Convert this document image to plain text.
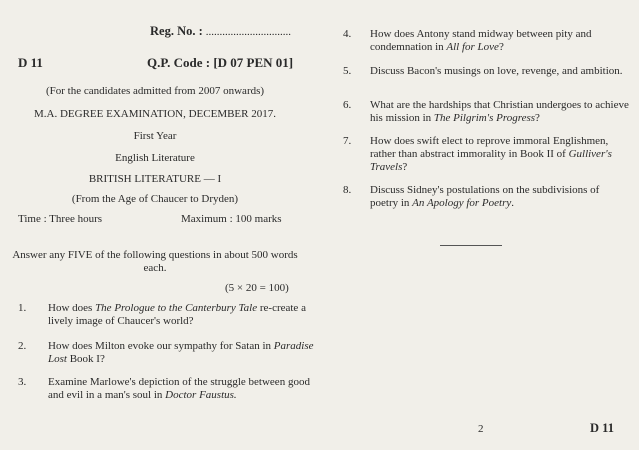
Reg. No. : ...............................
D 11	Q.P. Code : [D 07 PEN 01]
(For the candidates admitted from 2007 onwards)
M.A. DEGREE EXAMINATION, DECEMBER 2017.
First Year
English Literature
BRITISH LITERATURE — I
(From the Age of Chaucer to Dryden)
Time : Three hours	Maximum : 100 marks
Answer any FIVE of the following questions in about 500 words each.
(5 × 20 = 100)
1. How does The Prologue to the Canterbury Tale re-create a lively image of Chaucer's world?
2. How does Milton evoke our sympathy for Satan in Paradise Lost Book I?
3. Examine Marlowe's depiction of the struggle between good and evil in a man's soul in Doctor Faustus.
4. How does Antony stand midway between pity and condemnation in All for Love?
5. Discuss Bacon's musings on love, revenge, and ambition.
6. What are the hardships that Christian undergoes to achieve his mission in The Pilgrim's Progress?
7. How does swift elect to reprove immoral Englishmen, rather than abstract immorality in Book II of Gulliver's Travels?
8. Discuss Sidney's postulations on the subdivisions of poetry in An Apology for Poetry.
2	D 11
